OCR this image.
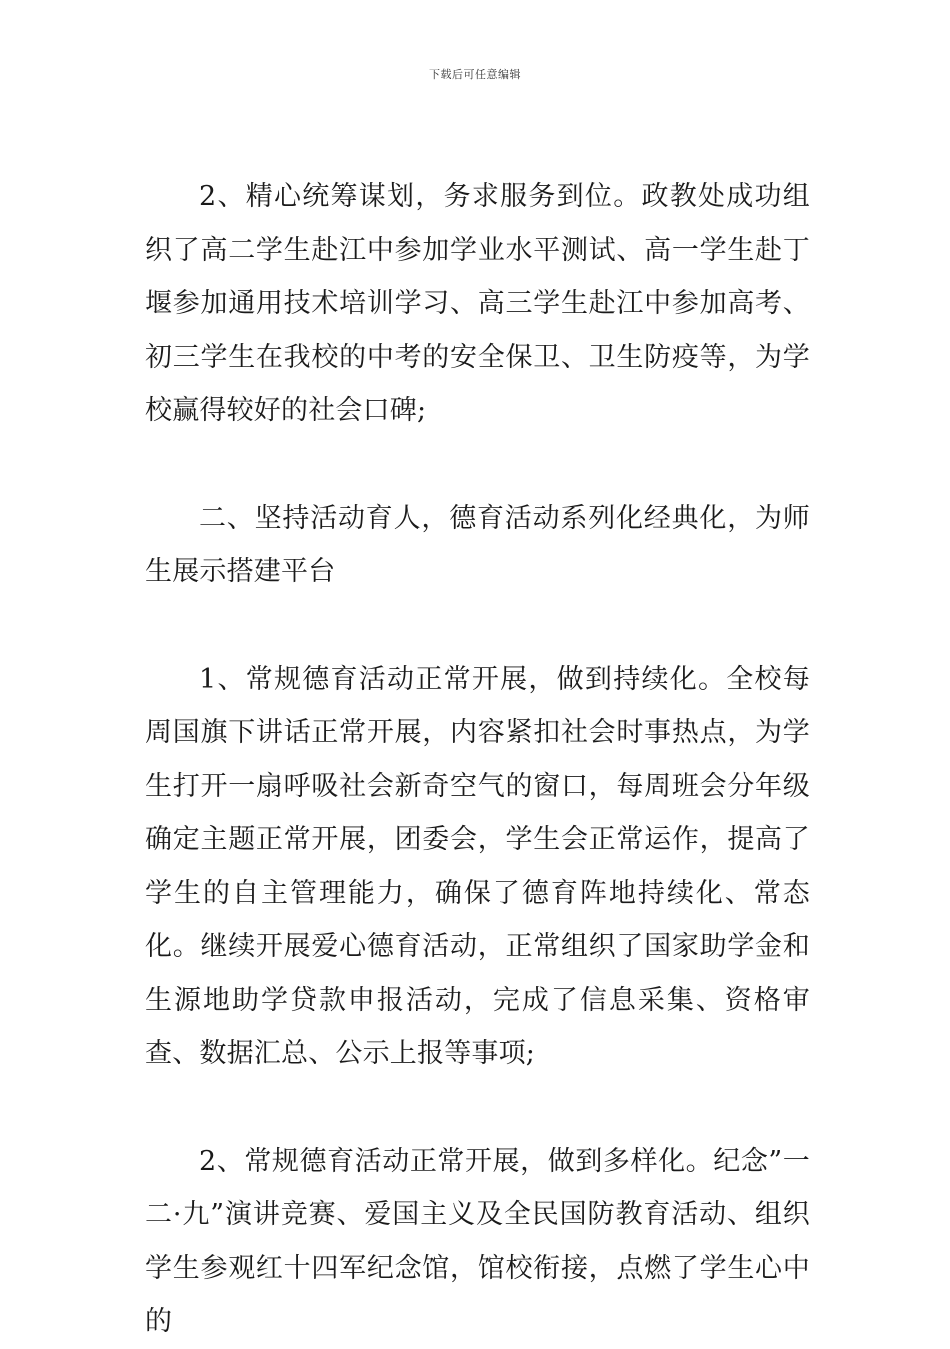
下载后可任意编辑

2、精心统筹谋划，务求服务到位。政教处成功组织了高二学生赴江中参加学业水平测试、高一学生赴丁堰参加通用技术培训学习、高三学生赴江中参加高考、初三学生在我校的中考的安全保卫、卫生防疫等，为学校赢得较好的社会口碑;

二、坚持活动育人，德育活动系列化经典化，为师生展示搭建平台

1、常规德育活动正常开展，做到持续化。全校每周国旗下讲话正常开展，内容紧扣社会时事热点，为学生打开一扇呼吸社会新奇空气的窗口，每周班会分年级确定主题正常开展，团委会，学生会正常运作，提高了学生的自主管理能力，确保了德育阵地持续化、常态化。继续开展爱心德育活动，正常组织了国家助学金和生源地助学贷款申报活动，完成了信息采集、资格审查、数据汇总、公示上报等事项;

2、常规德育活动正常开展，做到多样化。纪念”一二·九”演讲竞赛、爱国主义及全民国防教育活动、组织学生参观红十四军纪念馆，馆校衔接，点燃了学生心中的
